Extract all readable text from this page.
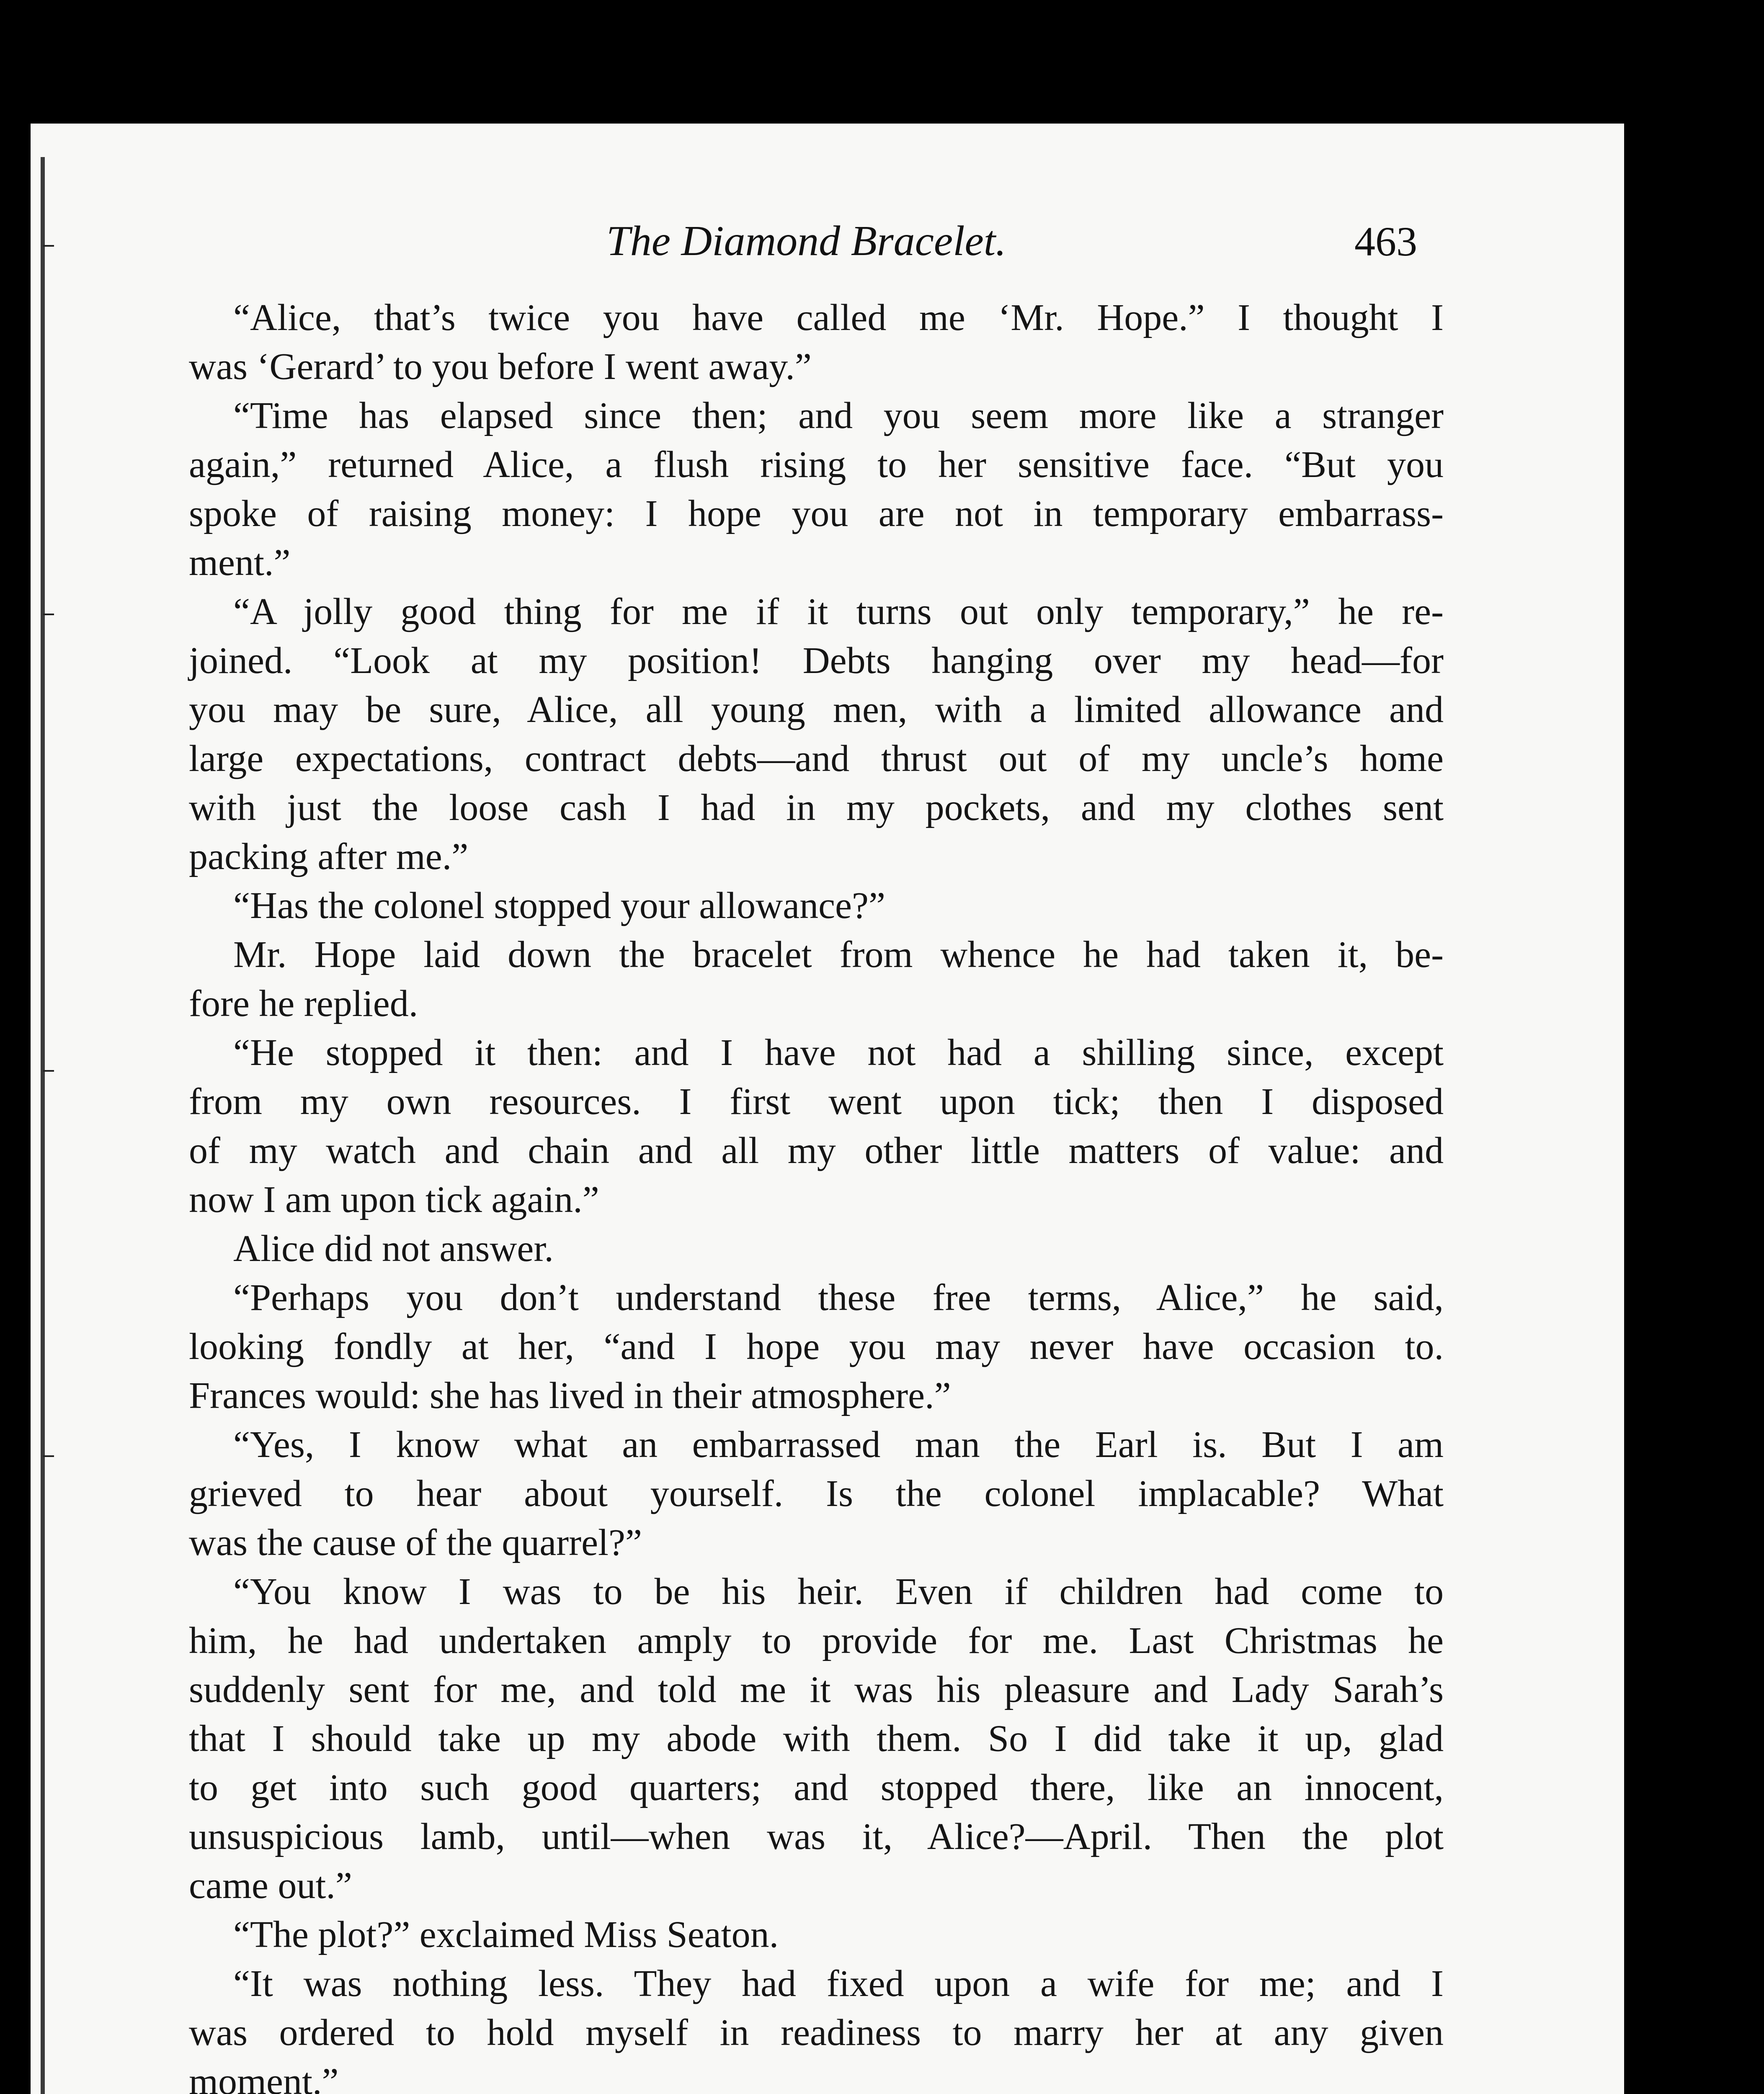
The Diamond Bracelet.	463
“Alice, that’s twice you have called me ‘Mr. Hope.” I thought I
was ‘Gerard’ to you before I went away.”
“Time has elapsed since then; and you seem more like a stranger
again,” returned Alice, a flush rising to her sensitive face. “But you
spoke of raising money: I hope you are not in temporary embarrass-
ment.”
“A jolly good thing for me if it turns out only temporary,” he re-
joined. “Look at my position! Debts hanging over my head—for
you may be sure, Alice, all young men, with a limited allowance and
large expectations, contract debts—and thrust out of my uncle’s home
with just the loose cash I had in my pockets, and my clothes sent
packing after me.”
“Has the colonel stopped your allowance?”
Mr. Hope laid down the bracelet from whence he had taken it, be-
fore he replied.
“He stopped it then: and I have not had a shilling since, except
from my own resources. I first went upon tick; then I disposed
of my watch and chain and all my other little matters of value: and
now I am upon tick again.”
Alice did not answer.
“Perhaps you don’t understand these free terms, Alice,” he said,
looking fondly at her, “and I hope you may never have occasion to.
Frances would: she has lived in their atmosphere.”
“Yes, I know what an embarrassed man the Earl is. But I am
grieved to hear about yourself. Is the colonel implacable? What
was the cause of the quarrel?”
“You know I was to be his heir. Even if children had come to
him, he had undertaken amply to provide for me. Last Christmas he
suddenly sent for me, and told me it was his pleasure and Lady Sarah’s
that I should take up my abode with them. So I did take it up, glad
to get into such good quarters; and stopped there, like an innocent,
unsuspicious lamb, until—when was it, Alice?—April. Then the plot
came out.”
“The plot?” exclaimed Miss Seaton.
“It was nothing less. They had fixed upon a wife for me; and I
was ordered to hold myself in readiness to marry her at any given
moment.”
